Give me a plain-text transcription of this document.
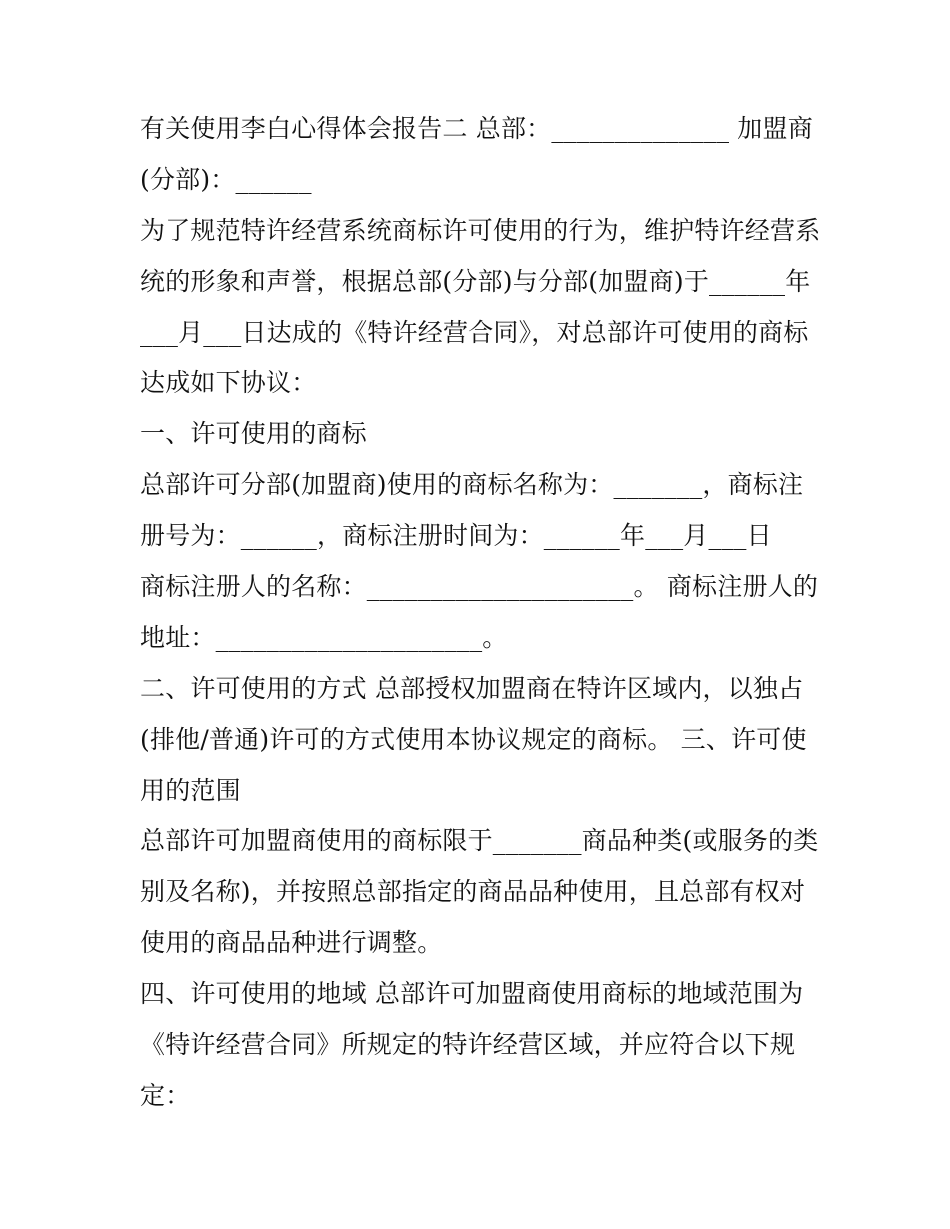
有关使用李白心得体会报告二 总部：______________ 加盟商
(分部)：______
为了规范特许经营系统商标许可使用的行为，维护特许经营系
统的形象和声誉，根据总部(分部)与分部(加盟商)于______年
___月___日达成的《特许经营合同》，对总部许可使用的商标
达成如下协议：
一、许可使用的商标
总部许可分部(加盟商)使用的商标名称为：_______，商标注
册号为：______，商标注册时间为：______年___月___日
商标注册人的名称：_____________________。 商标注册人的
地址：_____________________。
二、许可使用的方式 总部授权加盟商在特许区域内，以独占
(排他/普通)许可的方式使用本协议规定的商标。 三、许可使
用的范围
总部许可加盟商使用的商标限于_______商品种类(或服务的类
别及名称)，并按照总部指定的商品品种使用，且总部有权对
使用的商品品种进行调整。
四、许可使用的地域 总部许可加盟商使用商标的地域范围为
《特许经营合同》所规定的特许经营区域，并应符合以下规
定：
